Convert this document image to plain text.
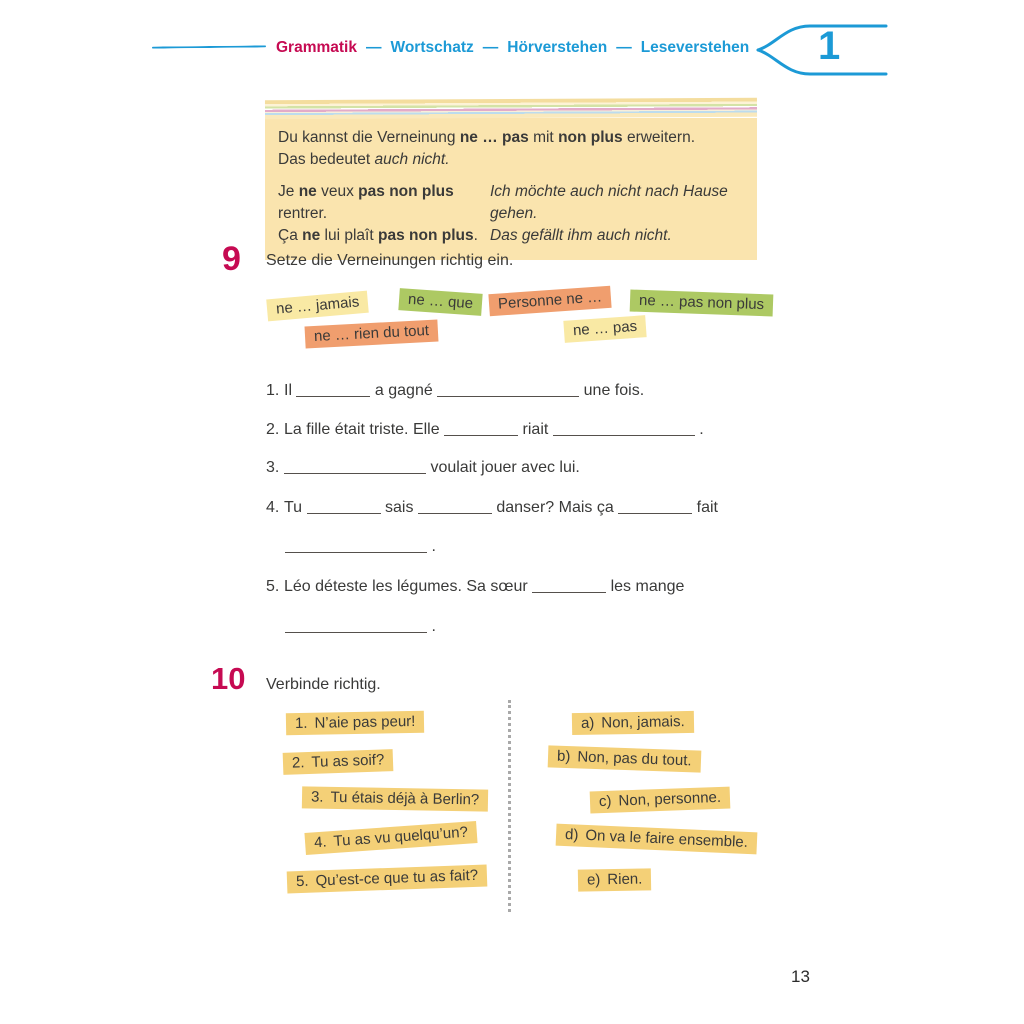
Grammatik — Wortschatz — Hörverstehen — Leseverstehen 1
Du kannst die Verneinung ne … pas mit non plus erweitern.
Das bedeutet auch nicht.
Je ne veux pas non plus rentrer.
Ich möchte auch nicht nach Hause gehen.
Ça ne lui plaît pas non plus. Das gefällt ihm auch nicht.
9 Setze die Verneinungen richtig ein.
ne … jamais	ne … que	Personne ne …	ne … pas non plus
ne … rien du tout	ne … pas
1. Il	a gagné	une fois.
2. La fille était triste. Elle	riait	.
3.	voulait jouer avec lui.
4. Tu	sais	danser? Mais ça	fait
.
5. Léo déteste les légumes. Sa sœur	les mange
.
10 Verbinde richtig.
1. N’aie pas peur!
2. Tu as soif?
3. Tu étais déjà à Berlin?
4. Tu as vu quelqu’un?
5. Qu’est-ce que tu as fait?
a) Non, jamais.
b) Non, pas du tout.
c) Non, personne.
d) On va le faire ensemble.
e) Rien.
13
